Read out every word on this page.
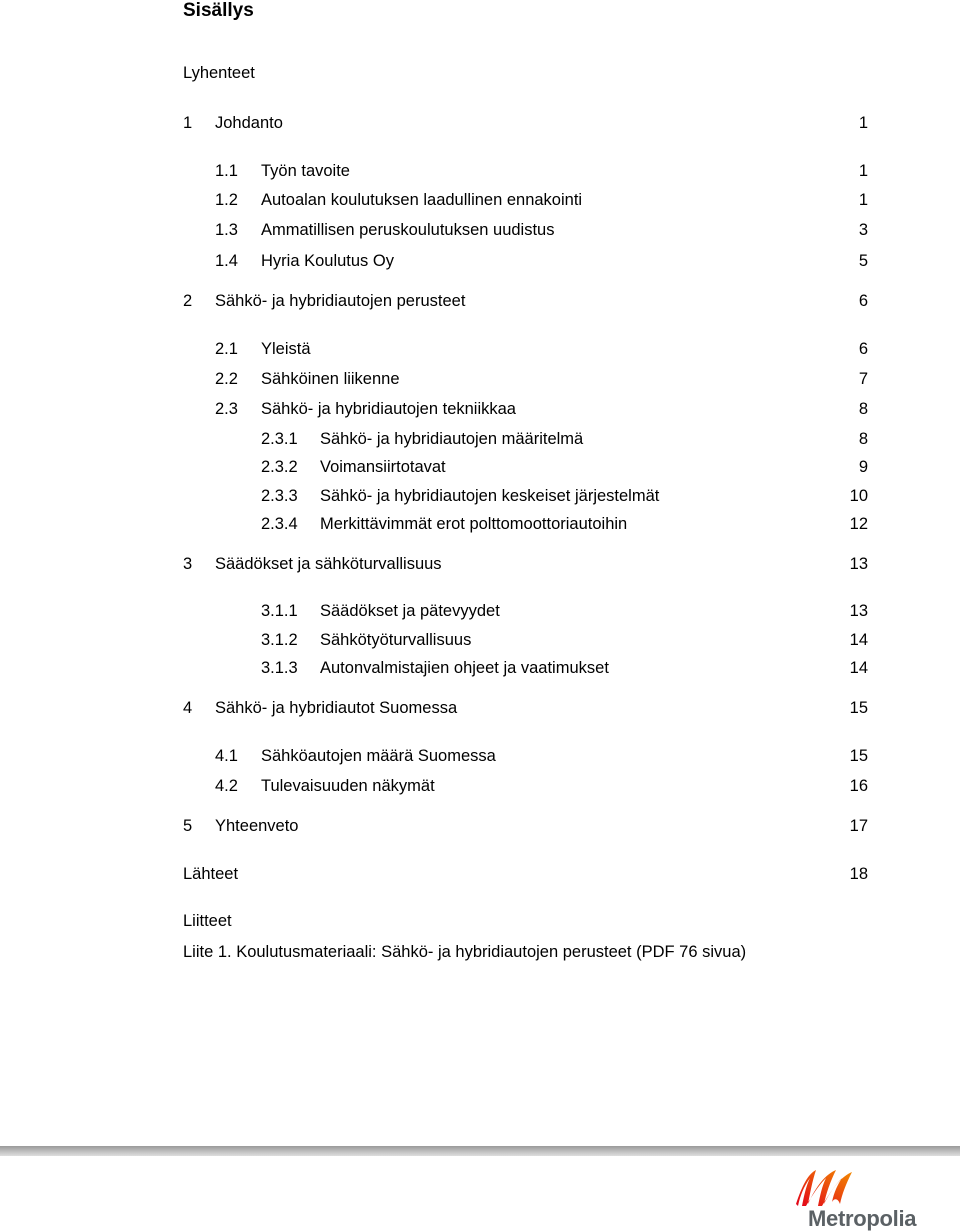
Sisällys
Lyhenteet
1 Johdanto	1
1.1 Työn tavoite	1
1.2 Autoalan koulutuksen laadullinen ennakointi	1
1.3 Ammatillisen peruskoulutuksen uudistus	3
1.4 Hyria Koulutus Oy	5
2 Sähkö- ja hybridiautojen perusteet	6
2.1 Yleistä	6
2.2 Sähköinen liikenne	7
2.3 Sähkö- ja hybridiautojen tekniikkaa	8
2.3.1 Sähkö- ja hybridiautojen määritelmä	8
2.3.2 Voimansiirtotavat	9
2.3.3 Sähkö- ja hybridiautojen keskeiset järjestelmät	10
2.3.4 Merkittävimmät erot polttomoottoriautoihin	12
3 Säädökset ja sähköturvallisuus	13
3.1.1 Säädökset ja pätevyydet	13
3.1.2 Sähkötyöturvallisuus	14
3.1.3 Autonvalmistajien ohjeet ja vaatimukset	14
4 Sähkö- ja hybridiautot Suomessa	15
4.1 Sähköautojen määrä Suomessa	15
4.2 Tulevaisuuden näkymät	16
5 Yhteenveto	17
Lähteet	18
Liitteet
Liite 1. Koulutusmateriaali: Sähkö- ja hybridiautojen perusteet (PDF 76 sivua)
Metropolia
